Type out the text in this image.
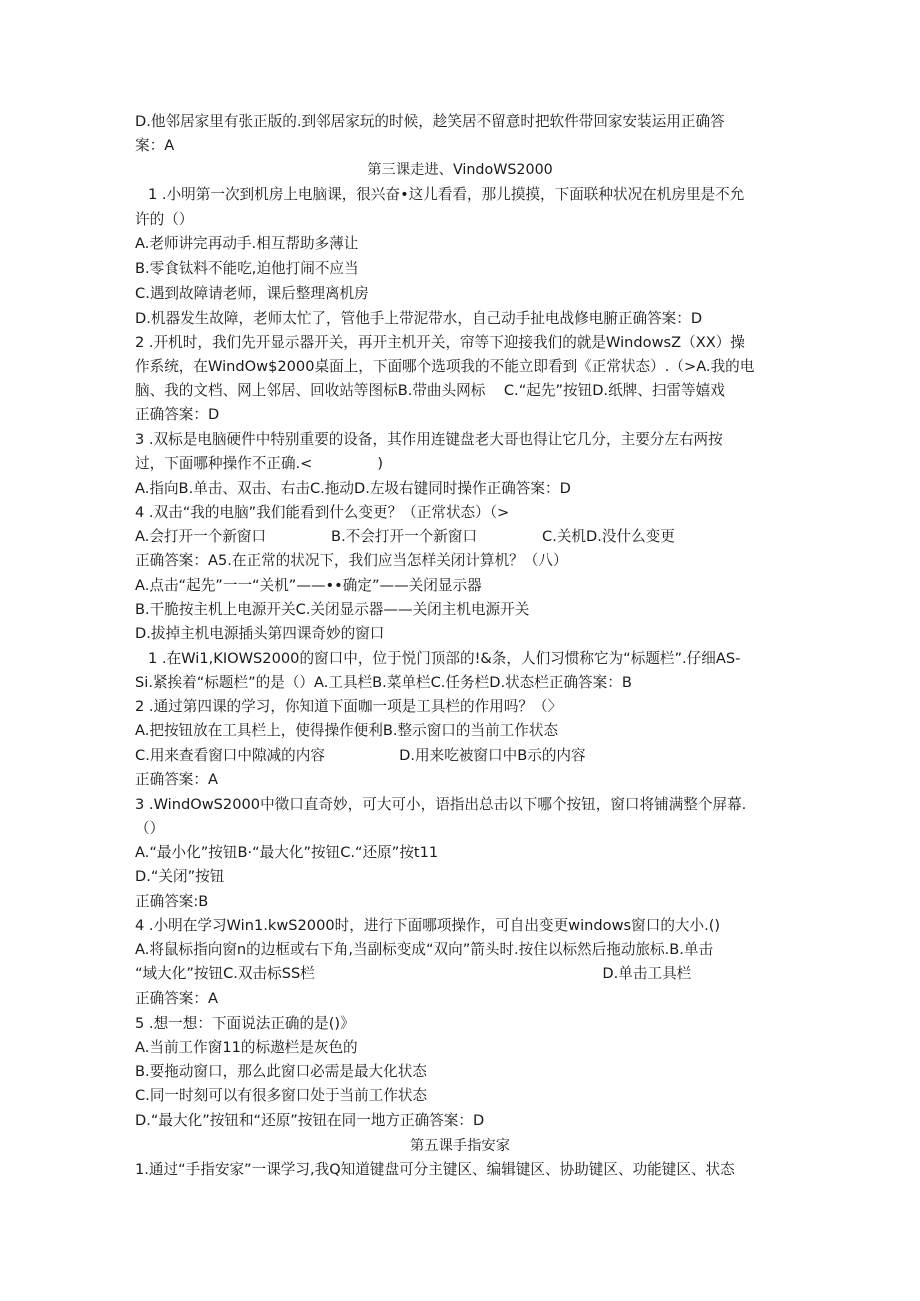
D.他邻居家里有张正版的.到邻居家玩的时候，趁笑居不留意时把软件带回家安装运用正确答
案：A
第三课走进、VindoWS2000
1 .小明第一次到机房上电脑课，很兴奋•这儿看看，那儿摸摸，下面联种状况在机房里是不允
许的（）
A.老师讲完再动手.相互帮助多薄让
B.零食钛料不能吃,迫他打闹不应当
C.遇到故障请老师，课后整理离机房
D.机器发生故障，老师太忙了，管他手上带泥带水，自己动手扯电战修电腑正确答案：D
2 .开机时，我们先开显示器开关，再开主机开关，帘等下迎接我们的就是WindowsZ（XX）操
作系统，在WindOw$2000桌面上，下面哪个选项我的不能立即看到《正常状态）.（>A.我的电
脑、我的文档、网上邻居、回收站等图标B.带曲头网标    C.“起先”按钮D.纸牌、扫雷等嬉戏
正确答案：D
3 .双标是电脑硬件中特别重要的设备，其作用连键盘老大哥也得让它几分，主要分左右两按
过，下面哪种操作不正确.<              )
A.指向B.单击、双击、右击C.拖动D.左圾右键同时操作正确答案：D
4 .双击“我的电脑”我们能看到什么变更？（正常状态）（>
A.会打开一个新窗口              B.不会打开一个新窗口              C.关机D.没什么变更
正确答案：A5.在正常的状况下，我们应当怎样关闭计算机？（八）
A.点击“起先”一一“关机”——••确定”——关闭显示器
B.干脆按主机上电源开关C.关闭显示器——关闭主机电源开关
D.拔掉主机电源插头第四课奇妙的窗口
1 .在Wi1,KIOWS2000的窗口中，位于悦门顶部的!&条，人们习惯称它为“标题栏”.仔细AS-
Si.紧挨着“标题栏”的是（）A.工具栏B.菜单栏C.任务栏D.状态栏正确答案：B
2 .通过第四课的学习，你知道下面咖一项是工具栏的作用吗？（〉
A.把按钮放在工具栏上，使得操作便利B.整示窗口的当前工作状态
C.用来查看窗口中隙减的内容                D.用来吃被窗口中B示的内容
正确答案：A
3 .WindOwS2000中徵口直奇妙，可大可小，语指出总击以下哪个按钮，窗口将铺满整个屏幕.
（）
A.“最小化”按钮B·“最大化”按钮C.“还原”按t11
D.“关闭”按钮
正确答案:B
4 .小明在学习Win1.kwS2000时，进行下面哪项操作，可自出变更windows窗口的大小.()
A.将鼠标指向窗n的边框或右下角,当副标变成“双向”箭头时.按住以标然后拖动旅标.B.单击
“域大化”按钮C.双击标SS栏                                                              D.单击工具栏
正确答案：A
5 .想一想：下面说法正确的是()》
A.当前工作窗11的标遨栏是灰色的
B.要拖动窗口，那么此窗口必需是最大化状态
C.同一时刻可以有很多窗口处于当前工作状态
D.“最大化”按钮和“还原”按钮在同一地方正确答案：D
第五课手指安家
1.通过“手指安家”一课学习,我Q知道键盘可分主键区、编辑键区、协助键区、功能键区、状态
